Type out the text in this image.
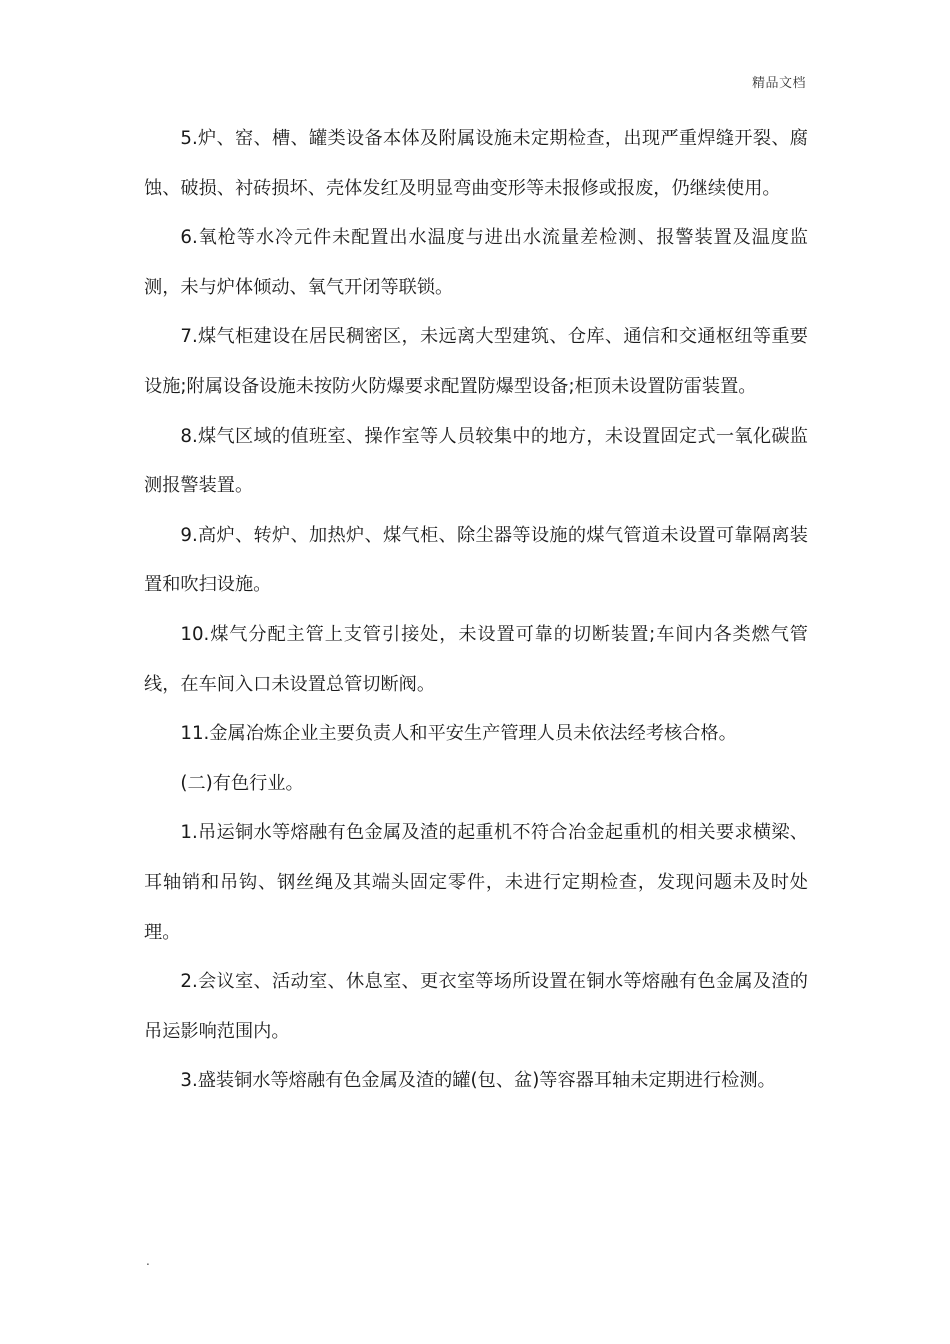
精品文档

5.炉、窑、槽、罐类设备本体及附属设施未定期检查，出现严重焊缝开裂、腐蚀、破损、衬砖损坏、壳体发红及明显弯曲变形等未报修或报废，仍继续使用。

6.氧枪等水冷元件未配置出水温度与进出水流量差检测、报警装置及温度监测，未与炉体倾动、氧气开闭等联锁。

7.煤气柜建设在居民稠密区，未远离大型建筑、仓库、通信和交通枢纽等重要设施;附属设备设施未按防火防爆要求配置防爆型设备;柜顶未设置防雷装置。

8.煤气区域的值班室、操作室等人员较集中的地方，未设置固定式一氧化碳监测报警装置。

9.高炉、转炉、加热炉、煤气柜、除尘器等设施的煤气管道未设置可靠隔离装置和吹扫设施。

10.煤气分配主管上支管引接处，未设置可靠的切断装置;车间内各类燃气管线，在车间入口未设置总管切断阀。

11.金属冶炼企业主要负责人和平安生产管理人员未依法经考核合格。

(二)有色行业。

1.吊运铜水等熔融有色金属及渣的起重机不符合冶金起重机的相关要求横梁、耳轴销和吊钩、钢丝绳及其端头固定零件，未进行定期检查，发现问题未及时处理。

2.会议室、活动室、休息室、更衣室等场所设置在铜水等熔融有色金属及渣的吊运影响范围内。

3.盛装铜水等熔融有色金属及渣的罐(包、盆)等容器耳轴未定期进行检测。

.
